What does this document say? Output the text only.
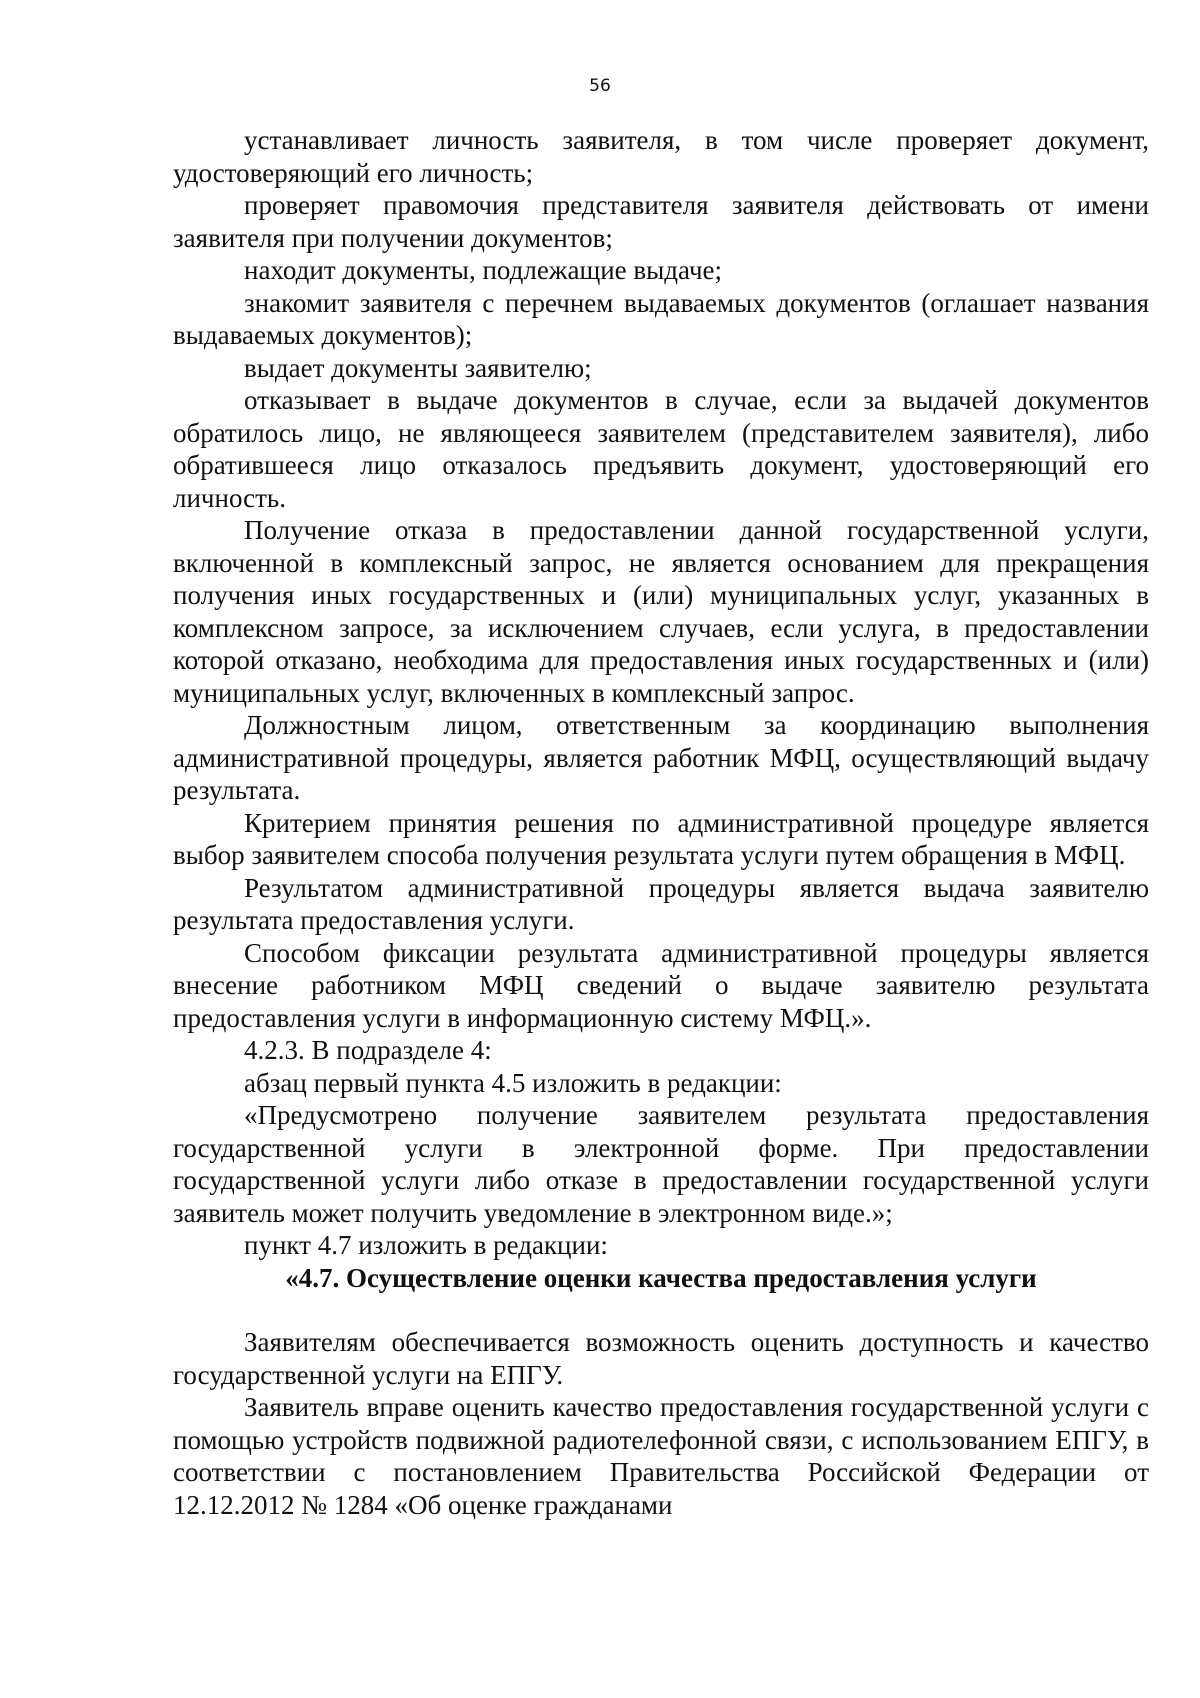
56

устанавливает личность заявителя, в том числе проверяет документ, удостоверяющий его личность;

проверяет правомочия представителя заявителя действовать от имени заявителя при получении документов;

находит документы, подлежащие выдаче;

знакомит заявителя с перечнем выдаваемых документов (оглашает названия выдаваемых документов);

выдает документы заявителю;

отказывает в выдаче документов в случае, если за выдачей документов обратилось лицо, не являющееся заявителем (представителем заявителя), либо обратившееся лицо отказалось предъявить документ, удостоверяющий его личность.

Получение отказа в предоставлении данной государственной услуги, включенной в комплексный запрос, не является основанием для прекращения получения иных государственных и (или) муниципальных услуг, указанных в комплексном запросе, за исключением случаев, если услуга, в предоставлении которой отказано, необходима для предоставления иных государственных и (или) муниципальных услуг, включенных в комплексный запрос.

Должностным лицом, ответственным за координацию выполнения административной процедуры, является работник МФЦ, осуществляющий выдачу результата.

Критерием принятия решения по административной процедуре является выбор заявителем способа получения результата услуги путем обращения в МФЦ.

Результатом административной процедуры является выдача заявителю результата предоставления услуги.

Способом фиксации результата административной процедуры является внесение работником МФЦ сведений о выдаче заявителю результата предоставления услуги в информационную систему МФЦ.».

4.2.3. В подразделе 4:

абзац первый пункта 4.5 изложить в редакции:

«Предусмотрено получение заявителем результата предоставления государственной услуги в электронной форме. При предоставлении государственной услуги либо отказе в предоставлении государственной услуги заявитель может получить уведомление в электронном виде.»;

пункт 4.7 изложить в редакции:

«4.7. Осуществление оценки качества предоставления услуги

Заявителям обеспечивается возможность оценить доступность и качество государственной услуги на ЕПГУ.

Заявитель вправе оценить качество предоставления государственной услуги с помощью устройств подвижной радиотелефонной связи, с использованием ЕПГУ, в соответствии с постановлением Правительства Российской Федерации от 12.12.2012 № 1284 «Об оценке гражданами
